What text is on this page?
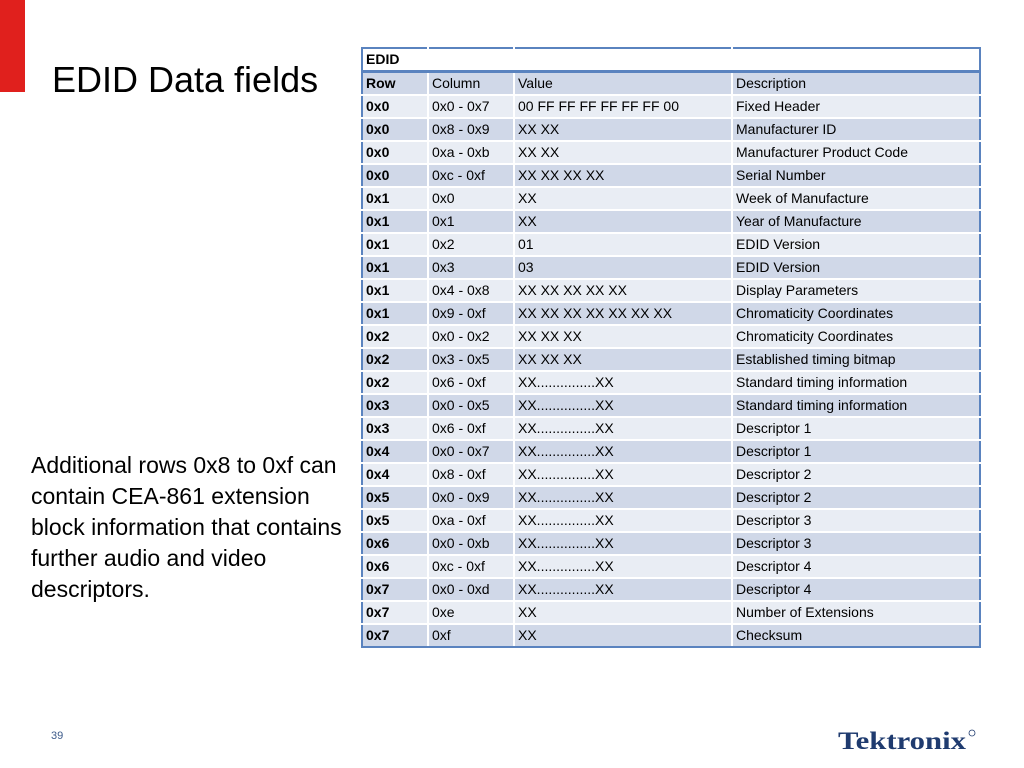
EDID Data fields
Additional rows 0x8 to 0xf can contain CEA-861 extension block information that contains further audio and video descriptors.
EDID			
Row	Column	Value	Description
0x0	0x0 - 0x7	00 FF FF FF FF FF FF 00	Fixed Header
0x0	0x8 - 0x9	XX XX	Manufacturer ID
0x0	0xa - 0xb	XX XX	Manufacturer Product Code
0x0	0xc - 0xf	XX XX XX XX	Serial Number
0x1	0x0	XX	Week of Manufacture
0x1	0x1	XX	Year of Manufacture
0x1	0x2	01	EDID Version
0x1	0x3	03	EDID Version
0x1	0x4 - 0x8	XX XX XX XX XX	Display Parameters
0x1	0x9 - 0xf	XX XX XX XX XX XX XX	Chromaticity Coordinates
0x2	0x0 - 0x2	XX XX XX	Chromaticity Coordinates
0x2	0x3 - 0x5	XX XX XX	Established timing bitmap
0x2	0x6 - 0xf	XX...............XX	Standard timing information
0x3	0x0 - 0x5	XX...............XX	Standard timing information
0x3	0x6 - 0xf	XX...............XX	Descriptor 1
0x4	0x0 - 0x7	XX...............XX	Descriptor 1
0x4	0x8 - 0xf	XX...............XX	Descriptor 2
0x5	0x0 - 0x9	XX...............XX	Descriptor 2
0x5	0xa - 0xf	XX...............XX	Descriptor 3
0x6	0x0 - 0xb	XX...............XX	Descriptor 3
0x6	0xc - 0xf	XX...............XX	Descriptor 4
0x7	0x0 - 0xd	XX...............XX	Descriptor 4
0x7	0xe	XX	Number of Extensions
0x7	0xf	XX	Checksum
39	Tektronix
